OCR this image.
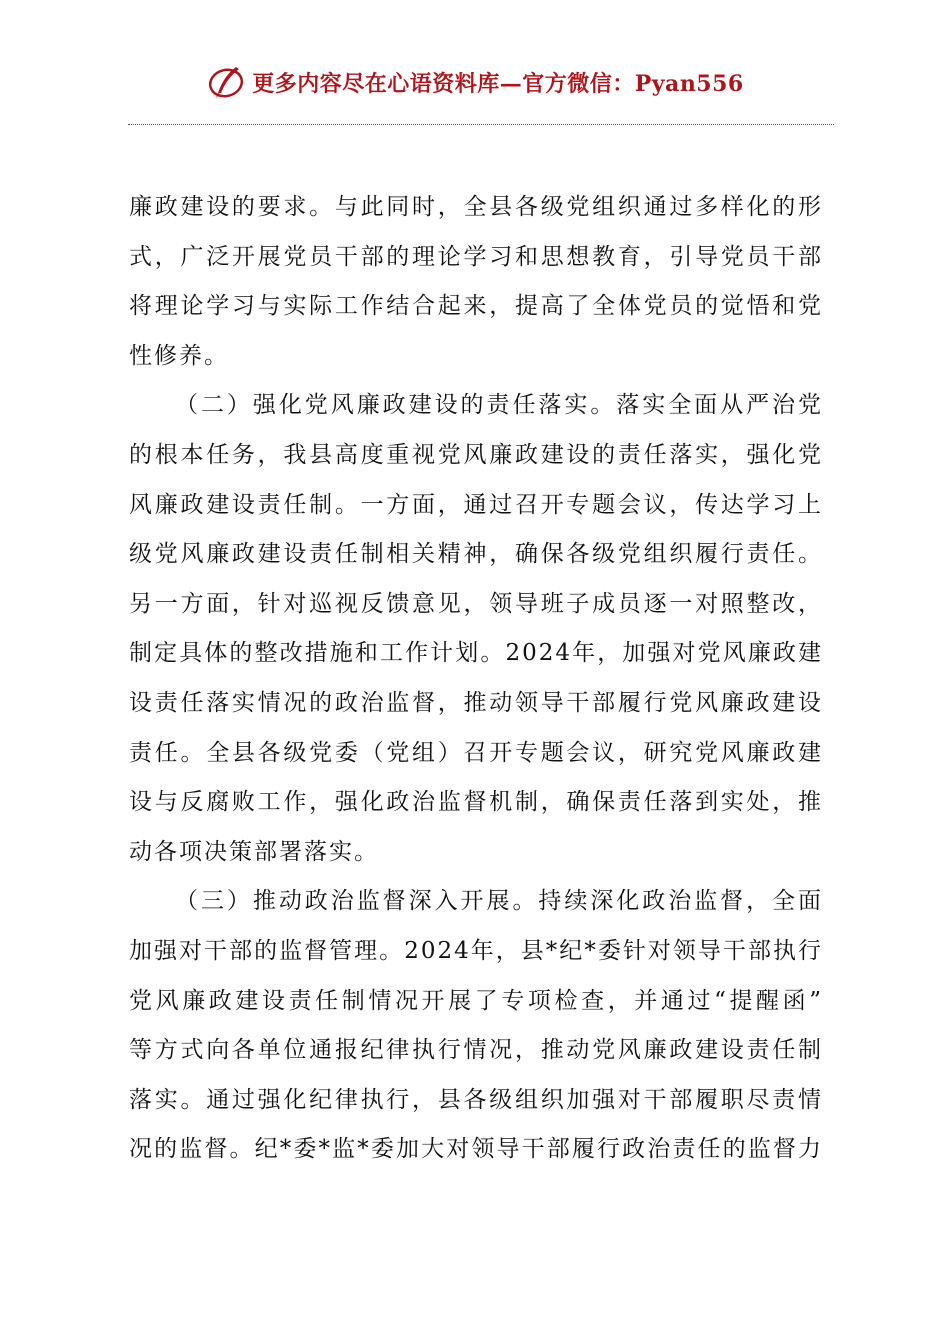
更多内容尽在心语资料库—官方微信：Pyan556
廉政建设的要求。与此同时，全县各级党组织通过多样化的形
式，广泛开展党员干部的理论学习和思想教育，引导党员干部
将理论学习与实际工作结合起来，提高了全体党员的觉悟和党
性修养。
（二）强化党风廉政建设的责任落实。落实全面从严治党
的根本任务，我县高度重视党风廉政建设的责任落实，强化党
风廉政建设责任制。一方面，通过召开专题会议，传达学习上
级党风廉政建设责任制相关精神，确保各级党组织履行责任。
另一方面，针对巡视反馈意见，领导班子成员逐一对照整改，
制定具体的整改措施和工作计划。2024年，加强对党风廉政建
设责任落实情况的政治监督，推动领导干部履行党风廉政建设
责任。全县各级党委（党组）召开专题会议，研究党风廉政建
设与反腐败工作，强化政治监督机制，确保责任落到实处，推
动各项决策部署落实。
（三）推动政治监督深入开展。持续深化政治监督，全面
加强对干部的监督管理。2024年，县*纪*委针对领导干部执行
党风廉政建设责任制情况开展了专项检查，并通过“提醒函”
等方式向各单位通报纪律执行情况，推动党风廉政建设责任制
落实。通过强化纪律执行，县各级组织加强对干部履职尽责情
况的监督。纪*委*监*委加大对领导干部履行政治责任的监督力
